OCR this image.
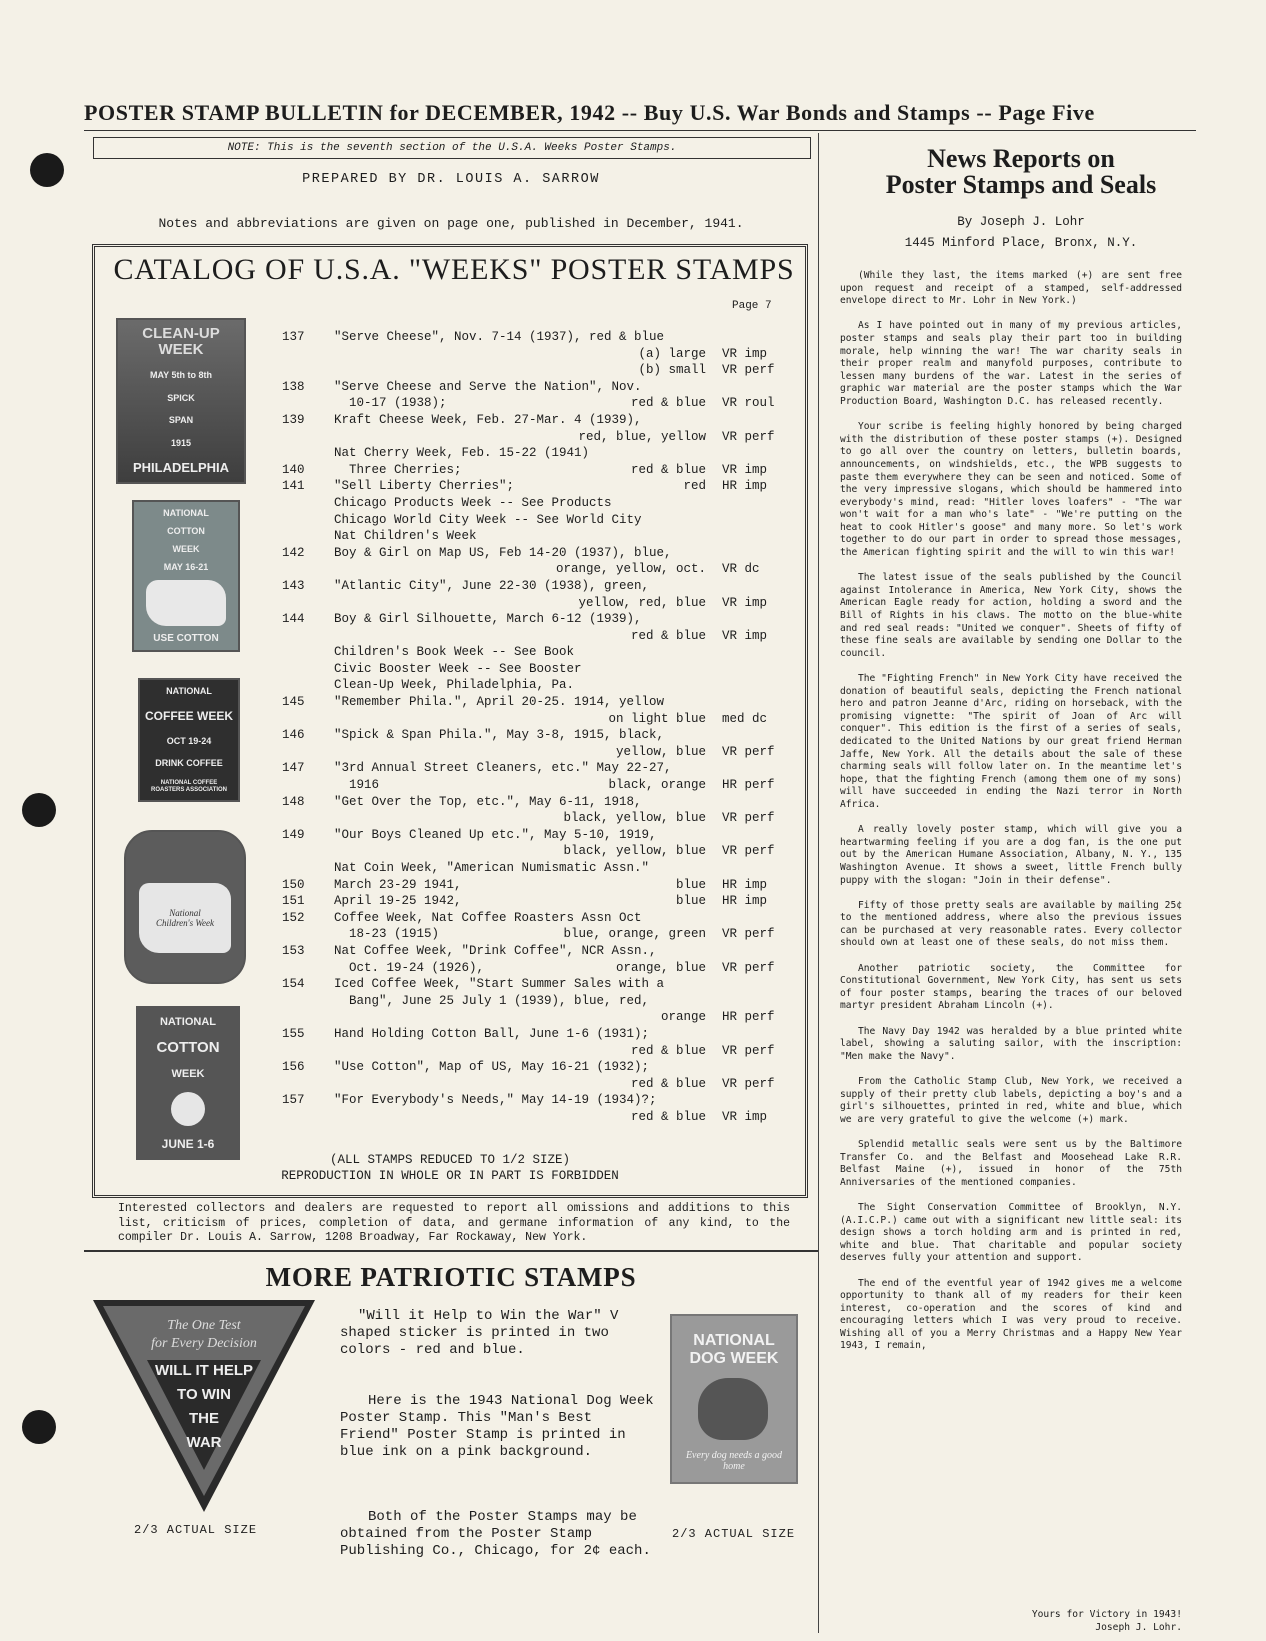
POSTER STAMP BULLETIN for DECEMBER, 1942 -- Buy U.S. War Bonds and Stamps -- Page Five
NOTE: This is the seventh section of the U.S.A. Weeks Poster Stamps.
PREPARED BY DR. LOUIS A. SARROW
Notes and abbreviations are given on page one, published in December, 1941.
CATALOG OF U.S.A. "WEEKS" POSTER STAMPS
Page 7
CLEAN-UP WEEK
MAY 5th to 8th
SPICK
SPAN
1915
PHILADELPHIA
NATIONAL
COTTON
WEEK
MAY 16-21
USE COTTON
NATIONAL
COFFEE WEEK
OCT 19-24
DRINK COFFEE
NATIONAL COFFEE ROASTERS ASSOCIATION
National
Children's Week
NATIONAL
COTTON
WEEK
JUNE 1-6
137 "Serve Cheese", Nov. 7-14 (1937), red & blue
(a) large VR imp
(b) small VR perf
138 "Serve Cheese and Serve the Nation", Nov.
10-17 (1938);	red & blue VR roul
139 Kraft Cheese Week, Feb. 27-Mar. 4 (1939),
red, blue, yellow VR perf
Nat Cherry Week, Feb. 15-22 (1941)
140 Three Cherries;	red & blue VR imp
141 "Sell Liberty Cherries";	red HR imp
Chicago Products Week -- See Products
Chicago World City Week -- See World City
Nat Children's Week
142 Boy & Girl on Map US, Feb 14-20 (1937), blue,
orange, yellow, oct. VR dc
143 "Atlantic City", June 22-30 (1938), green,
yellow, red, blue VR imp
144 Boy & Girl Silhouette, March 6-12 (1939),
red & blue VR imp
Children's Book Week -- See Book
Civic Booster Week -- See Booster
Clean-Up Week, Philadelphia, Pa.
145 "Remember Phila.", April 20-25. 1914, yellow
on light blue med dc
146 "Spick & Span Phila.", May 3-8, 1915, black,
yellow, blue VR perf
147 "3rd Annual Street Cleaners, etc." May 22-27,
1916	black, orange HR perf
148 "Get Over the Top, etc.", May 6-11, 1918,
black, yellow, blue VR perf
149 "Our Boys Cleaned Up etc.", May 5-10, 1919,
black, yellow, blue VR perf
Nat Coin Week, "American Numismatic Assn."
150 March 23-29 1941,	blue HR imp
151 April 19-25 1942,	blue HR imp
152 Coffee Week, Nat Coffee Roasters Assn Oct
18-23 (1915)	blue, orange, green VR perf
153 Nat Coffee Week, "Drink Coffee", NCR Assn.,
Oct. 19-24 (1926),	orange, blue VR perf
154 Iced Coffee Week, "Start Summer Sales with a
Bang", June 25 July 1 (1939), blue, red,
orange HR perf
155 Hand Holding Cotton Ball, June 1-6 (1931);
red & blue VR perf
156 "Use Cotton", Map of US, May 16-21 (1932);
red & blue VR perf
157 "For Everybody's Needs," May 14-19 (1934)?;
red & blue VR imp
(ALL STAMPS REDUCED TO 1/2 SIZE)
REPRODUCTION IN WHOLE OR IN PART IS FORBIDDEN
Interested collectors and dealers are requested to report all omissions and additions to this list, criticism of prices, completion of data, and germane information of any kind, to the compiler Dr. Louis A. Sarrow, 1208 Broadway, Far Rockaway, New York.
MORE PATRIOTIC STAMPS
The One Test
for Every Decision
WILL IT HELP
TO WIN
THE
WAR
2/3 ACTUAL SIZE
"Will it Help to Win the War" V shaped sticker is printed in two colors - red and blue.
Here is the 1943 National Dog Week Poster Stamp. This "Man's Best Friend" Poster Stamp is printed in blue ink on a pink background.
Both of the Poster Stamps may be obtained from the Poster Stamp Publishing Co., Chicago, for 2¢ each.
NATIONAL
DOG WEEK
Every dog needs a good home
2/3 ACTUAL SIZE
News Reports on
Poster Stamps and Seals
By Joseph J. Lohr
1445 Minford Place, Bronx, N.Y.

(While they last, the items marked (+) are sent free upon request and receipt of a stamped, self-addressed envelope direct to Mr. Lohr in New York.)

As I have pointed out in many of my previous articles, poster stamps and seals play their part too in building morale, help winning the war! The war charity seals in their proper realm and manyfold purposes, contribute to lessen many burdens of the war. Latest in the series of graphic war material are the poster stamps which the War Production Board, Washington D.C. has released recently.

Your scribe is feeling highly honored by being charged with the distribution of these poster stamps (+). Designed to go all over the country on letters, bulletin boards, announcements, on windshields, etc., the WPB suggests to paste them everywhere they can be seen and noticed. Some of the very impressive slogans, which should be hammered into everybody's mind, read: "Hitler loves loafers" - "The war won't wait for a man who's late" - "We're putting on the heat to cook Hitler's goose" and many more. So let's work together to do our part in order to spread those messages, the American fighting spirit and the will to win this war!

The latest issue of the seals published by the Council against Intolerance in America, New York City, shows the American Eagle ready for action, holding a sword and the Bill of Rights in his claws. The motto on the blue-white and red seal reads: "United we conquer". Sheets of fifty of these fine seals are available by sending one Dollar to the council.

The "Fighting French" in New York City have received the donation of beautiful seals, depicting the French national hero and patron Jeanne d'Arc, riding on horseback, with the promising vignette: "The spirit of Joan of Arc will conquer". This edition is the first of a series of seals, dedicated to the United Nations by our great friend Herman Jaffe, New York. All the details about the sale of these charming seals will follow later on. In the meantime let's hope, that the fighting French (among them one of my sons) will have succeeded in ending the Nazi terror in North Africa.

A really lovely poster stamp, which will give you a heartwarming feeling if you are a dog fan, is the one put out by the American Humane Association, Albany, N. Y., 135 Washington Avenue. It shows a sweet, little French bully puppy with the slogan: "Join in their defense".

Fifty of those pretty seals are available by mailing 25¢ to the mentioned address, where also the previous issues can be purchased at very reasonable rates. Every collector should own at least one of these seals, do not miss them.

Another patriotic society, the Committee for Constitutional Government, New York City, has sent us sets of four poster stamps, bearing the traces of our beloved martyr president Abraham Lincoln (+).

The Navy Day 1942 was heralded by a blue printed white label, showing a saluting sailor, with the inscription: "Men make the Navy".

From the Catholic Stamp Club, New York, we received a supply of their pretty club labels, depicting a boy's and a girl's silhouettes, printed in red, white and blue, which we are very grateful to give the welcome (+) mark.

Splendid metallic seals were sent us by the Baltimore Transfer Co. and the Belfast and Moosehead Lake R.R. Belfast Maine (+), issued in honor of the 75th Anniversaries of the mentioned companies.

The Sight Conservation Committee of Brooklyn, N.Y. (A.I.C.P.) came out with a significant new little seal: its design shows a torch holding arm and is printed in red, white and blue. That charitable and popular society deserves fully your attention and support.

The end of the eventful year of 1942 gives me a welcome opportunity to thank all of my readers for their keen interest, co-operation and the scores of kind and encouraging letters which I was very proud to receive. Wishing all of you a Merry Christmas and a Happy New Year 1943, I remain,

Yours for Victory in 1943!
Joseph J. Lohr.
